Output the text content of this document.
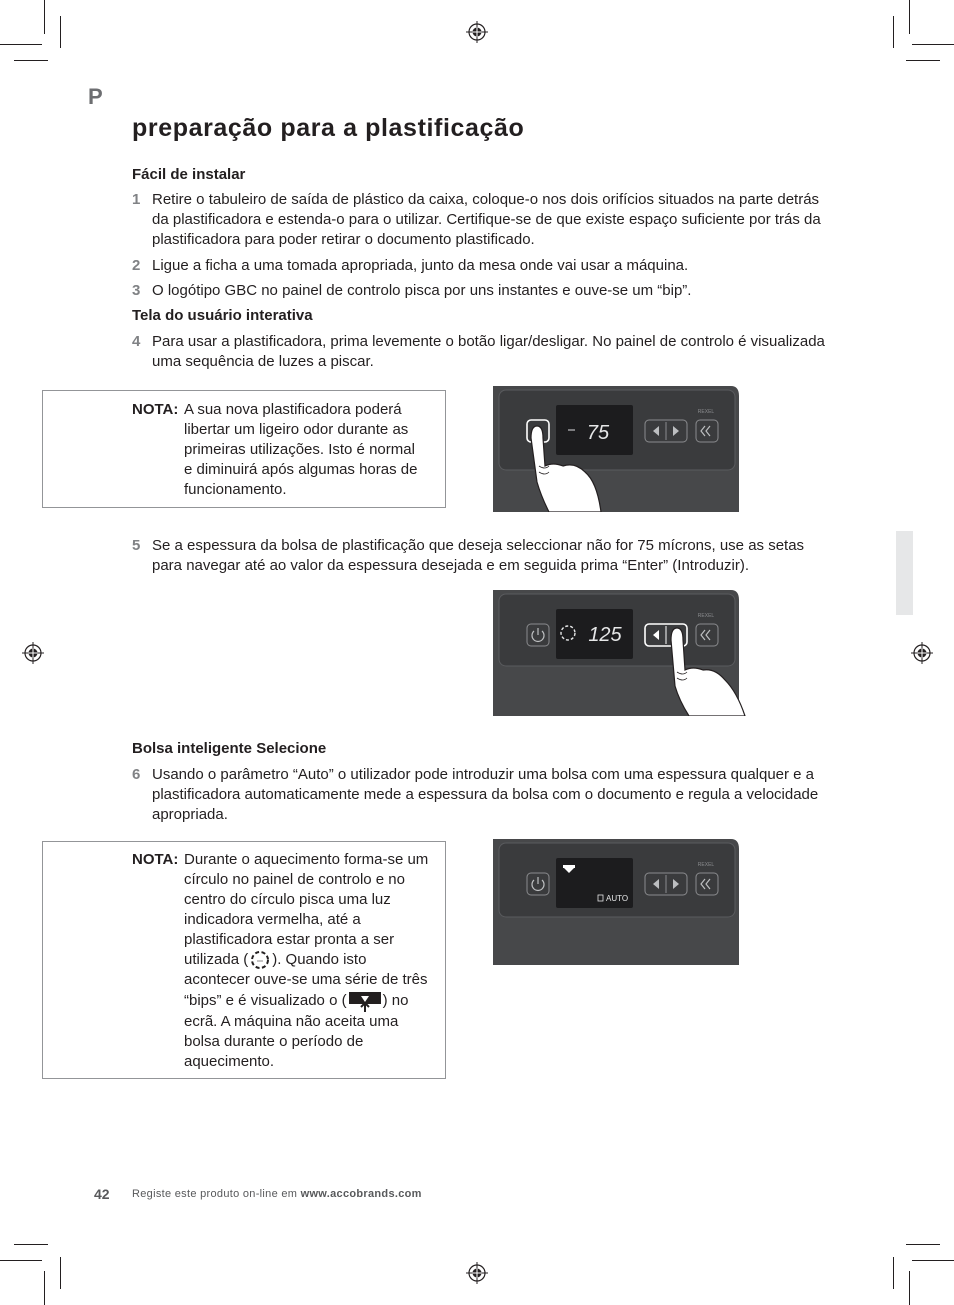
P
preparação para a plastificação
Fácil de instalar
1 Retire o tabuleiro de saída de plástico da caixa, coloque-o nos dois orifícios situados na parte detrás da plastificadora e estenda-o para o utilizar. Certifique-se de que existe espaço suficiente por trás da plastificadora para poder retirar o documento plastificado.
2 Ligue a ficha a uma tomada apropriada, junto da mesa onde vai usar a máquina.
3 O logótipo GBC no painel de controlo pisca por uns instantes e ouve-se um “bip”.
Tela do usuário interativa
4 Para usar a plastificadora, prima levemente o botão ligar/desligar. No painel de controlo é visualizada uma sequência de luzes a piscar.
NOTA: A sua nova plastificadora poderá libertar um ligeiro odor durante as primeiras utilizações. Isto é normal e diminuirá após algumas horas de funcionamento.
75
REXEL
5 Se a espessura da bolsa de plastificação que deseja seleccionar não for 75 mícrons, use as setas para navegar até ao valor da espessura desejada e em seguida prima “Enter” (Introduzir).
125
REXEL
Bolsa inteligente Selecione
6 Usando o parâmetro “Auto” o utilizador pode introduzir uma bolsa com uma espessura qualquer e a plastificadora automaticamente mede a espessura da bolsa com o documento e regula a velocidade apropriada.
NOTA: Durante o aquecimento forma-se um círculo no painel de controlo e no centro do círculo pisca uma luz indicadora vermelha, até a plastificadora estar pronta a ser utilizada ( ⋯ ). Quando isto acontecer ouve-se uma série de três “bips” e é visualizado o ( ) no ecrã. A máquina não aceita uma bolsa durante o período de aquecimento.
AUTO
REXEL
42 Registe este produto on-line em www.accobrands.com
